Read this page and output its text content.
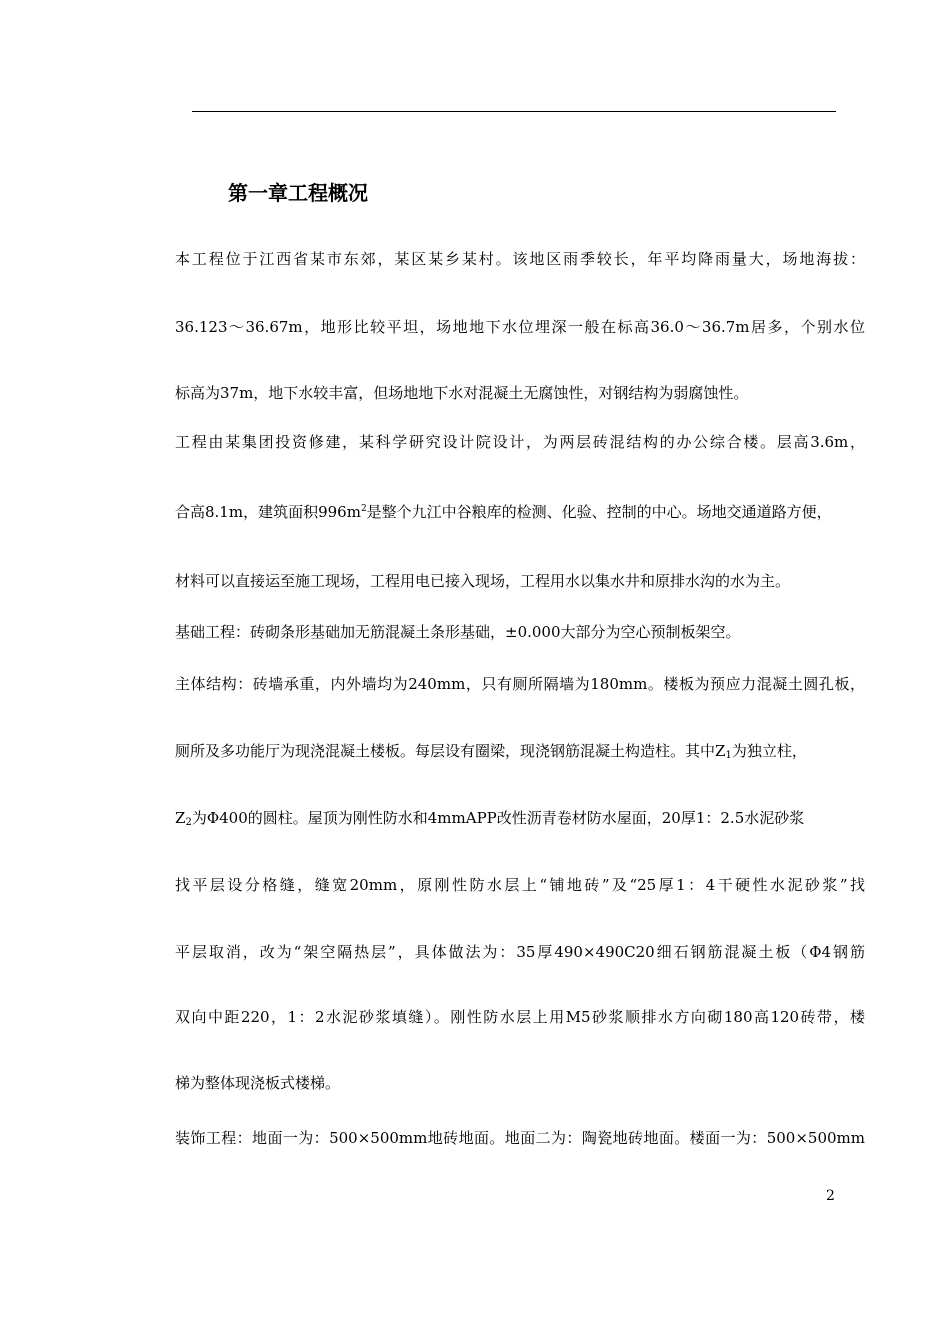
第一章工程概况
本工程位于江西省某市东郊，某区某乡某村。该地区雨季较长，年平均降雨量大，场地海拔：
36.123～36.67m，地形比较平坦，场地地下水位埋深一般在标高36.0～36.7m居多，个别水位
标高为37m，地下水较丰富，但场地地下水对混凝土无腐蚀性，对钢结构为弱腐蚀性。
工程由某集团投资修建，某科学研究设计院设计，为两层砖混结构的办公综合楼。层高3.6m，
合高8.1m，建筑面积$996m^2$是整个九江中谷粮库的检测、化验、控制的中心。场地交通道路方便，
材料可以直接运至施工现场，工程用电已接入现场，工程用水以集水井和原排水沟的水为主。
基础工程：砖砌条形基础加无筋混凝土条形基础，±0.000大部分为空心预制板架空。
主体结构：砖墙承重，内外墙均为240mm，只有厕所隔墙为180mm。楼板为预应力混凝土圆孔板，
厕所及多功能厅为现浇混凝土楼板。每层设有圈梁，现浇钢筋混凝土构造柱。其中$Z_1$为独立柱，
$Z_2$为Φ400的圆柱。屋顶为刚性防水和4mmAPP改性沥青卷材防水屋面，20厚1：2.5水泥砂浆
找平层设分格缝，缝宽20mm，原刚性防水层上“铺地砖”及“25厚1：4干硬性水泥砂浆”找
平层取消，改为“架空隔热层”，具体做法为：35厚490×490C20细石钢筋混凝土板（Φ4钢筋
双向中距220，1：2水泥砂浆填缝）。刚性防水层上用M5砂浆顺排水方向砌180高120砖带，楼
梯为整体现浇板式楼梯。
装饰工程：地面一为：500×500mm地砖地面。地面二为：陶瓷地砖地面。楼面一为：500×500mm
2
